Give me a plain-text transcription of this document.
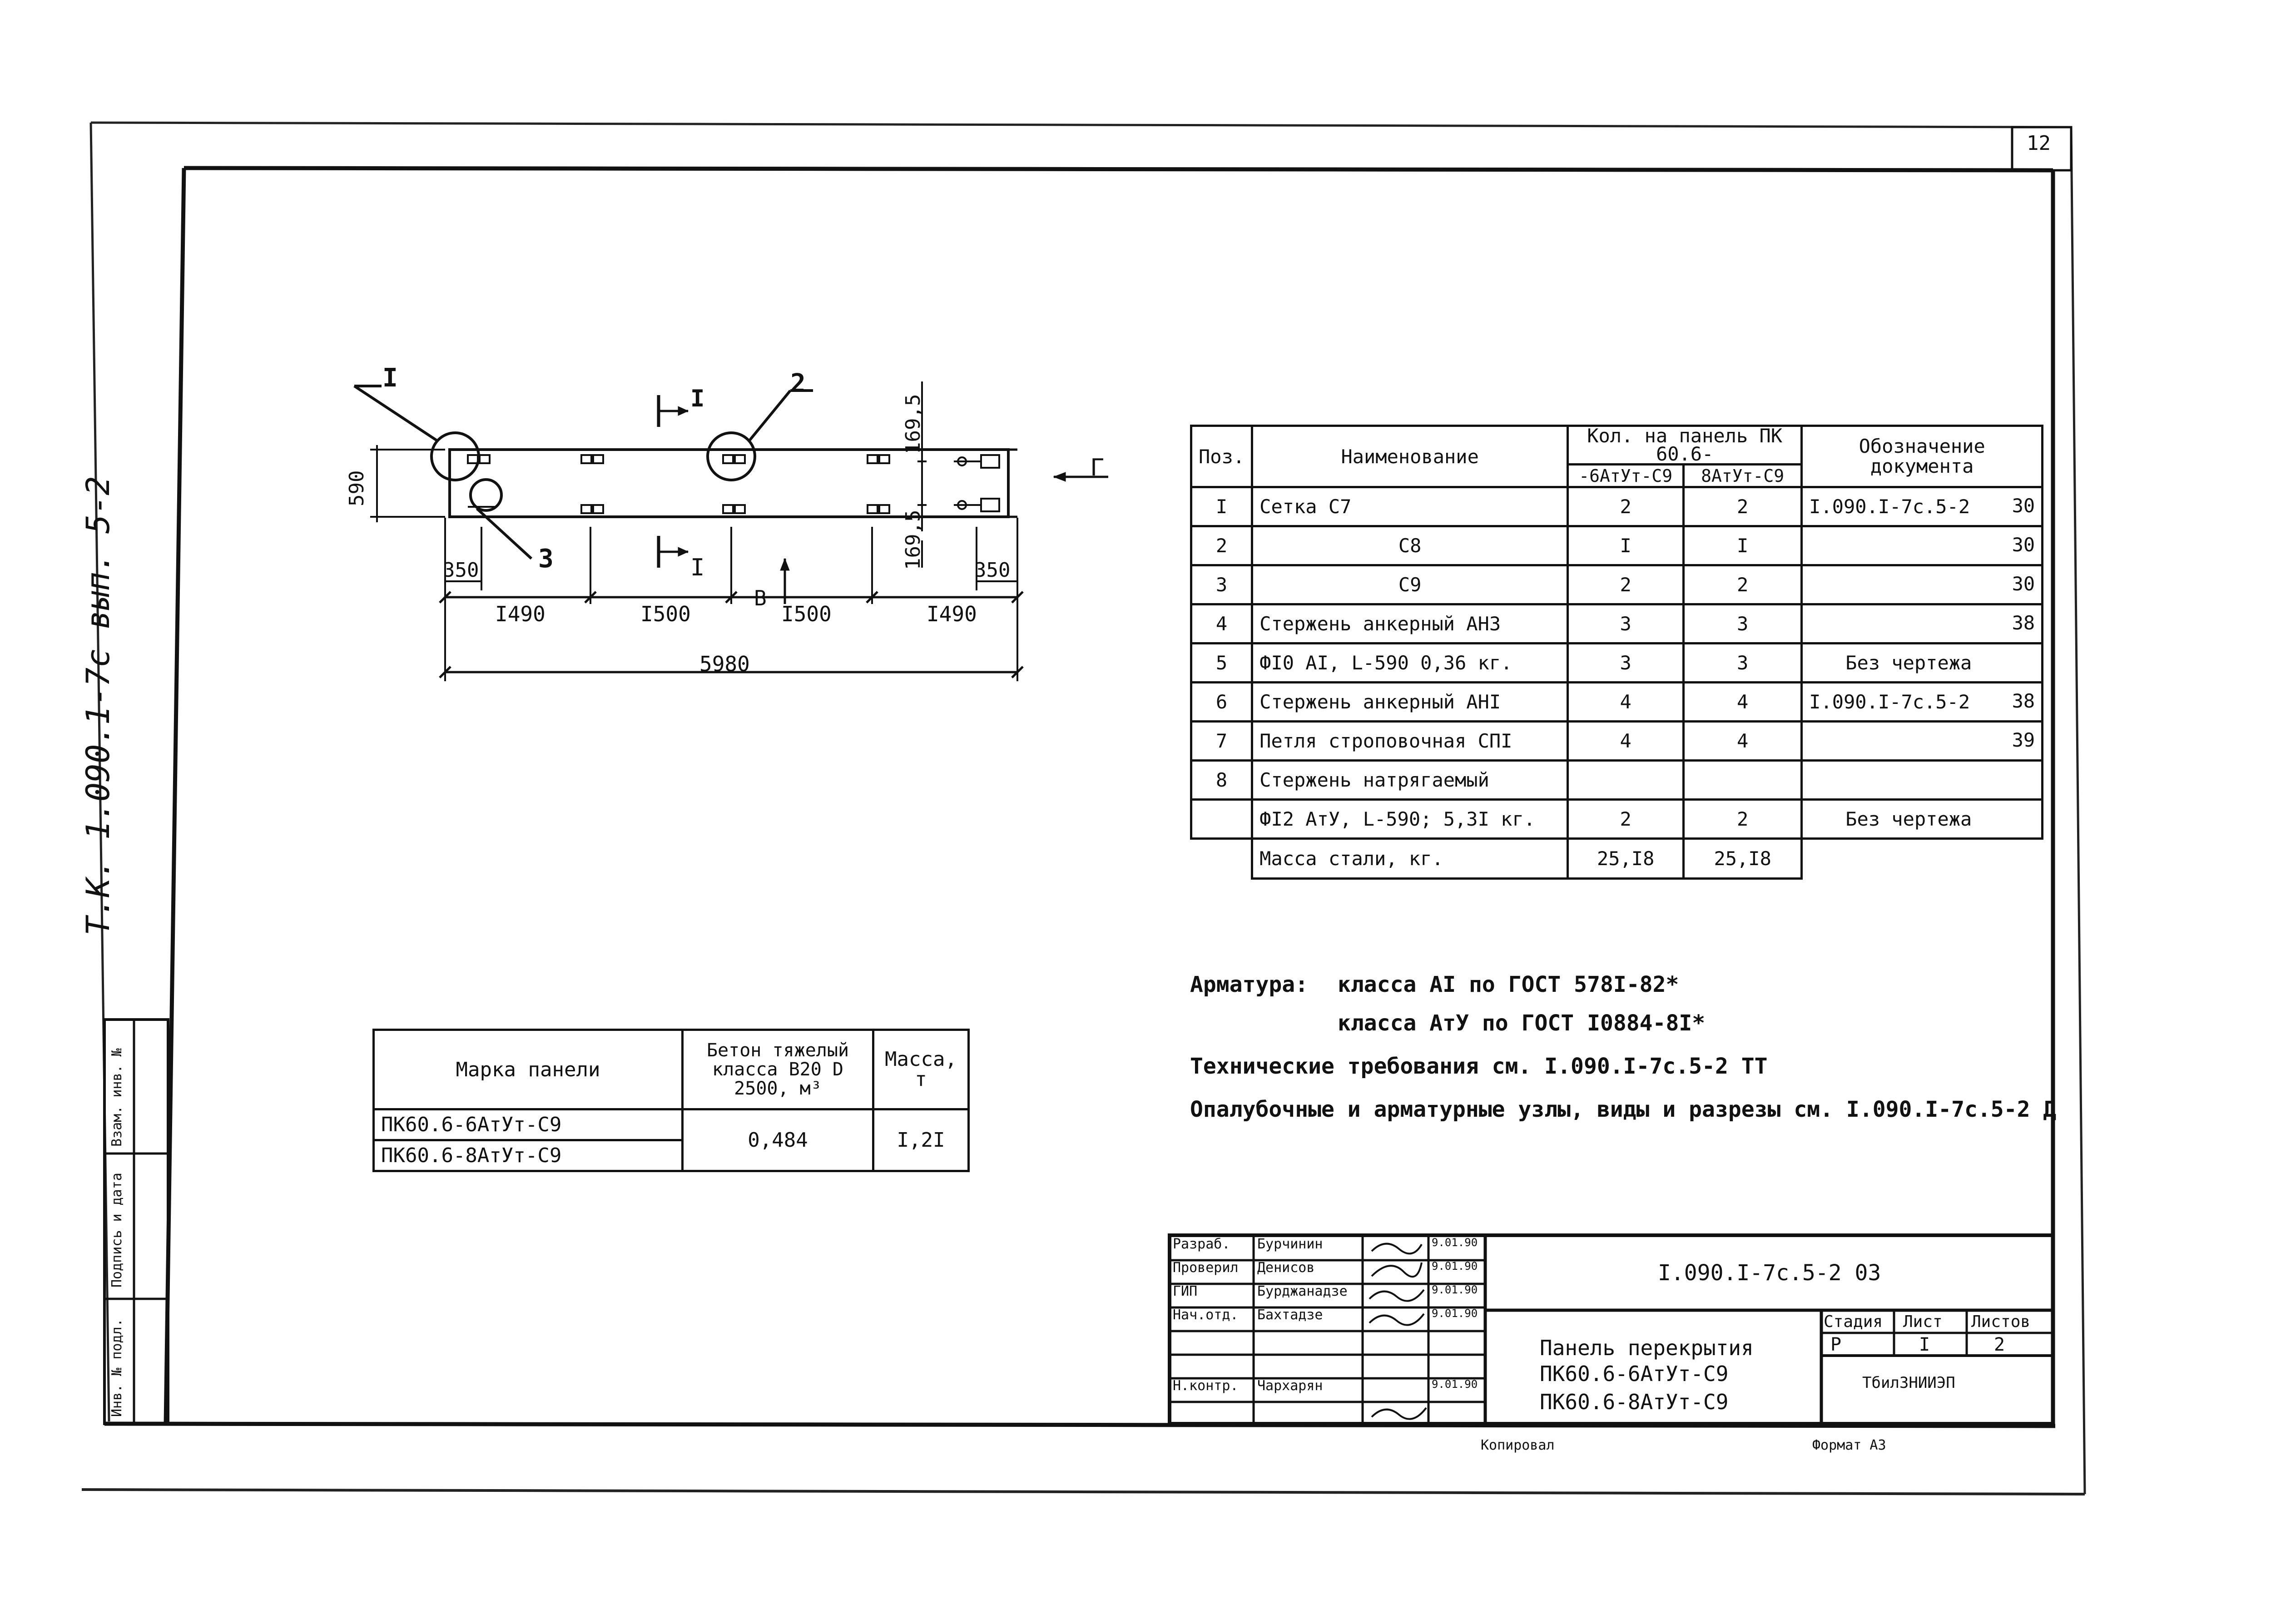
12
Т.К. 1.090.1-7с вып. 5-2
Инв. № подл.
Подпись и дата
Взам. инв. №
I	2
3
I
I
Г
В
590
169,5
169,5
350	350
I490	I500	I500	I490
5980
Поз.	Наименование	Кол. на панель ПК 60.6-		Обозначение документа
		-6АтУт-С9	8АтУт-С9	
I	Сетка С7	2	2	I.090.I-7с.5-2 30

2	С8	I	I	30

3	С9	2	2	30

4	Стержень анкерный АН3	3	3	38

5	ФI0 АI, L-590 0,36 кг.	3	3	Без чертежа

6	Стержень анкерный АНI	4	4	I.090.I-7с.5-2 38

7	Петля строповочная СПI	4	4	39

8	Стержень натрягаемый			

	ФI2 АтУ, L-590; 5,3I кг.	2	2	Без чертежа

	Масса стали, кг.	25,I8	25,I8	
Арматура: класса АI по ГОСТ 578I-82*
класса АтУ по ГОСТ I0884-8I*
Технические требования см. I.090.I-7с.5-2 ТТ
Опалубочные и арматурные узлы, виды и разрезы см. I.090.I-7с.5-2 Д
Марка панели	Бетон тяжелый класса В20 D 2500, м³	Масса, т
ПК60.6-6АтУт-С9	0,484	I,2I
ПК60.6-8АтУт-С9		
Разраб. Бурчинин	9.01.90
Проверил Денисов	9.01.90
ГИП	Бурджанадзе	9.01.90
Нач.отд. Бахтадзе	9.01.90
Н.контр. Чархарян	9.01.90
I.090.I-7с.5-2 03
Панель перекрытия
ПК60.6-6АтУт-С9
ПК60.6-8АтУт-С9
Стадия Лист Листов
Р	I	2
ТбилЗНИИЭП
Копировал	Формат А3
